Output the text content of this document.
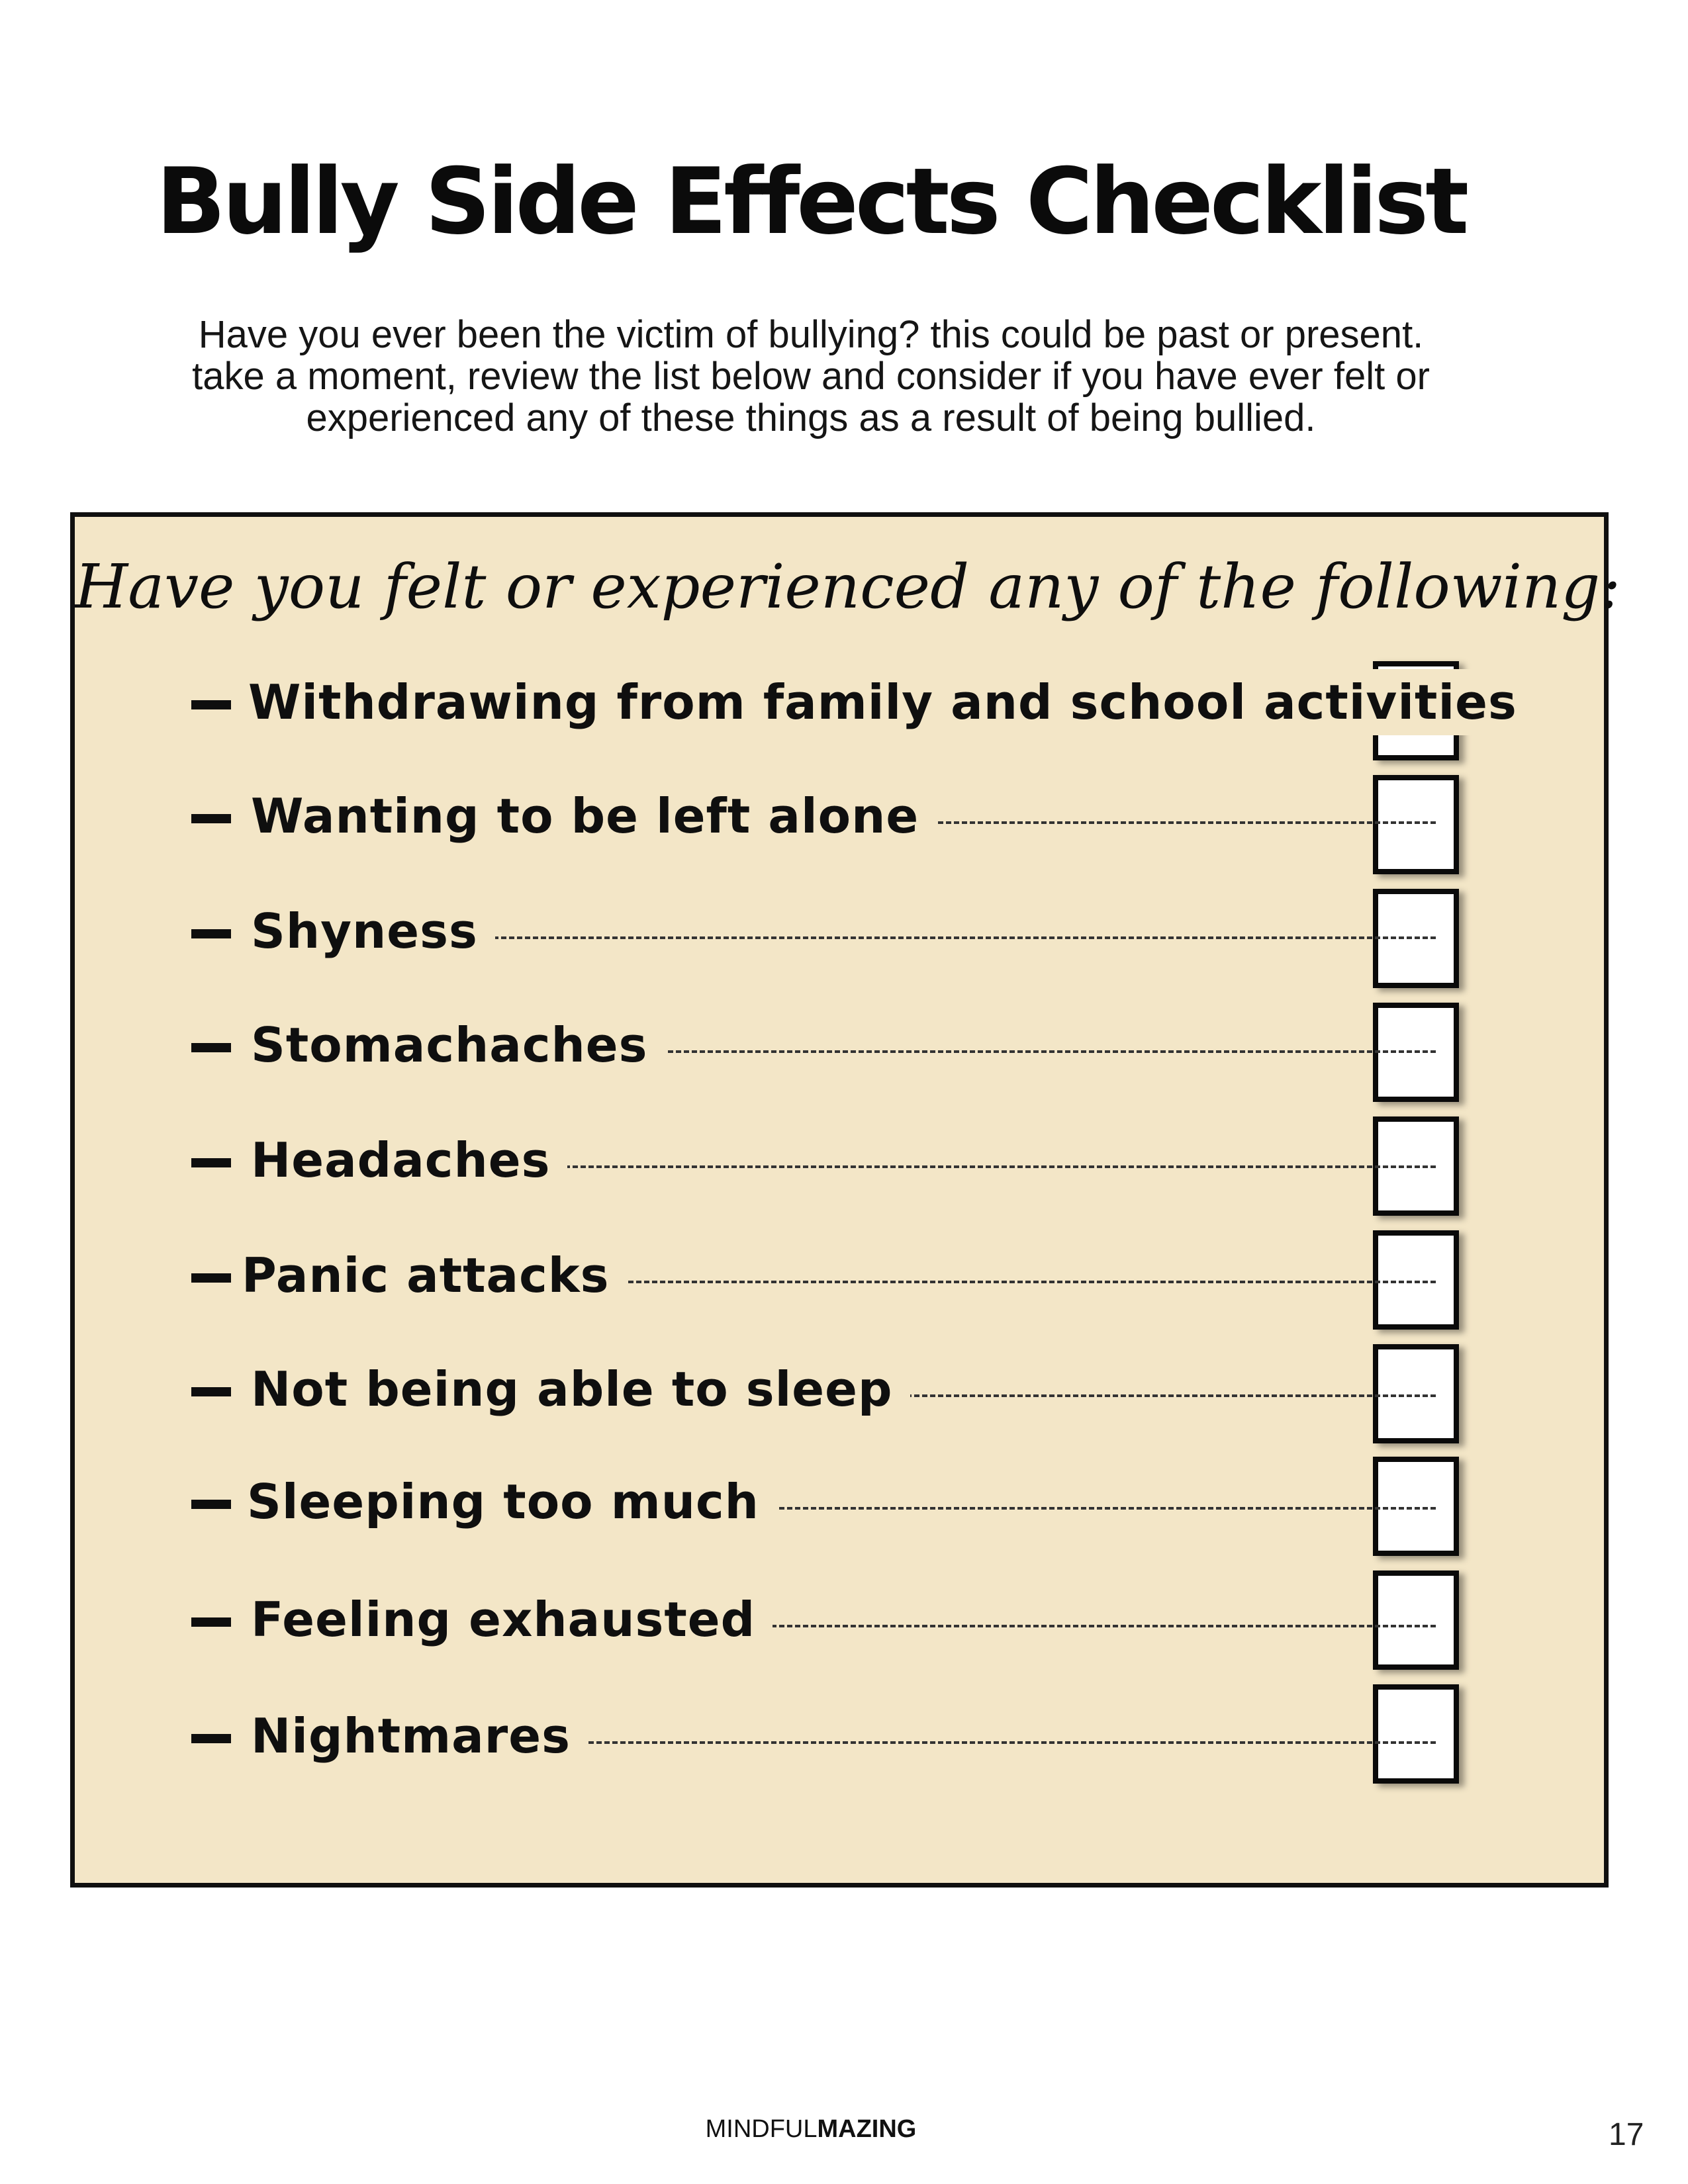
Bully Side Effects Checklist
Have you ever been the victim of bullying? this could be past or present.
take a moment, review the list below and consider if you have ever felt or
experienced any of these things as a result of being bullied.
Have you felt or experienced any of the following:
Withdrawing from family and school activities
Wanting to be left alone
Shyness
Stomachaches
Headaches
Panic attacks
Not being able to sleep
Sleeping too much
Feeling exhausted
Nightmares
MINDFULMAZING	17
